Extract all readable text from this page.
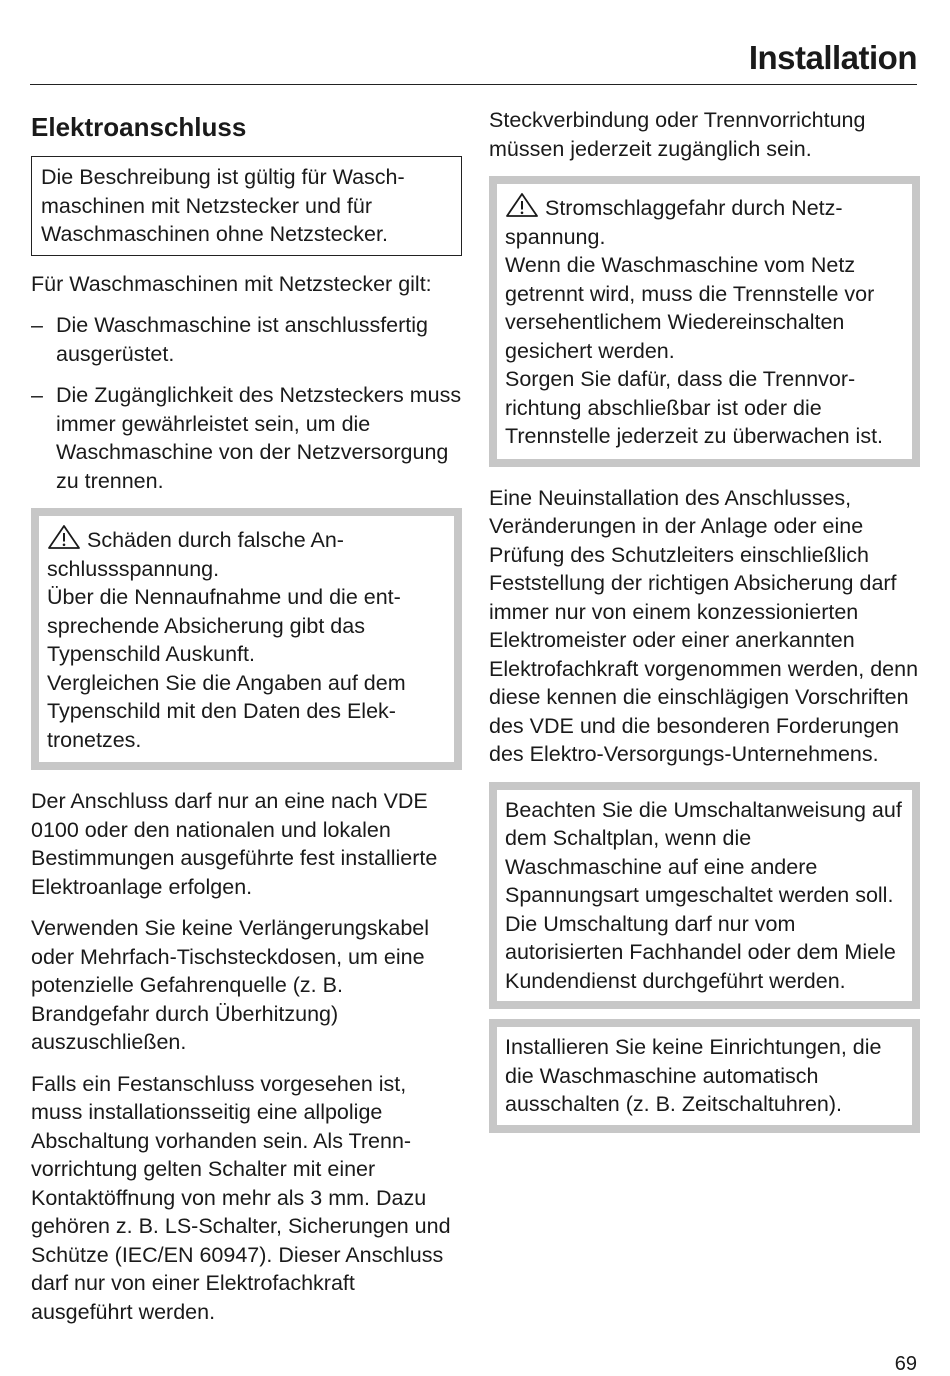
Installation
Elektroanschluss

Die Beschreibung ist gültig für Waschmaschinen mit Netzstecker und für Waschmaschinen ohne Netzstecker.

Für Waschmaschinen mit Netzstecker gilt:

– Die Waschmaschine ist anschlussfertig ausgerüstet.
– Die Zugänglichkeit des Netzsteckers muss immer gewährleistet sein, um die Waschmaschine von der Netzversorgung zu trennen.

Schäden durch falsche Anschlussspannung.

Über die Nennaufnahme und die entsprechende Absicherung gibt das Typenschild Auskunft.

Vergleichen Sie die Angaben auf dem Typenschild mit den Daten des Elektronetzes.

Der Anschluss darf nur an eine nach VDE 0100 oder den nationalen und lokalen Bestimmungen ausgeführte fest installierte Elektroanlage erfolgen.

Verwenden Sie keine Verlängerungskabel oder Mehrfach-Tischsteckdosen, um eine potenzielle Gefahrenquelle (z. B. Brandgefahr durch Überhitzung) auszuschließen.

Falls ein Festanschluss vorgesehen ist, muss installationsseitig eine allpolige Abschaltung vorhanden sein. Als Trennvorrichtung gelten Schalter mit einer Kontaktöffnung von mehr als 3 mm. Dazu gehören z. B. LS-Schalter, Sicherungen und Schütze (IEC/EN 60947). Dieser Anschluss darf nur von einer Elektrofachkraft ausgeführt werden.

Steckverbindung oder Trennvorrichtung müssen jederzeit zugänglich sein.

Stromschlaggefahr durch Netzspannung.

Wenn die Waschmaschine vom Netz getrennt wird, muss die Trennstelle vor versehentlichem Wiedereinschalten gesichert werden.

Sorgen Sie dafür, dass die Trennvorrichtung abschließbar ist oder die Trennstelle jederzeit zu überwachen ist.

Eine Neuinstallation des Anschlusses, Veränderungen in der Anlage oder eine Prüfung des Schutzleiters einschließlich Feststellung der richtigen Absicherung darf immer nur von einem konzessionierten Elektromeister oder einer anerkannten Elektrofachkraft vorgenommen werden, denn diese kennen die einschlägigen Vorschriften des VDE und die besonderen Forderungen des Elektro-Versorgungs-Unternehmens.

Beachten Sie die Umschaltanweisung auf dem Schaltplan, wenn die Waschmaschine auf eine andere Spannungsart umgeschaltet werden soll. Die Umschaltung darf nur vom autorisierten Fachhandel oder dem Miele Kundendienst durchgeführt werden.

Installieren Sie keine Einrichtungen, die die Waschmaschine automatisch ausschalten (z. B. Zeitschaltuhren).

69
